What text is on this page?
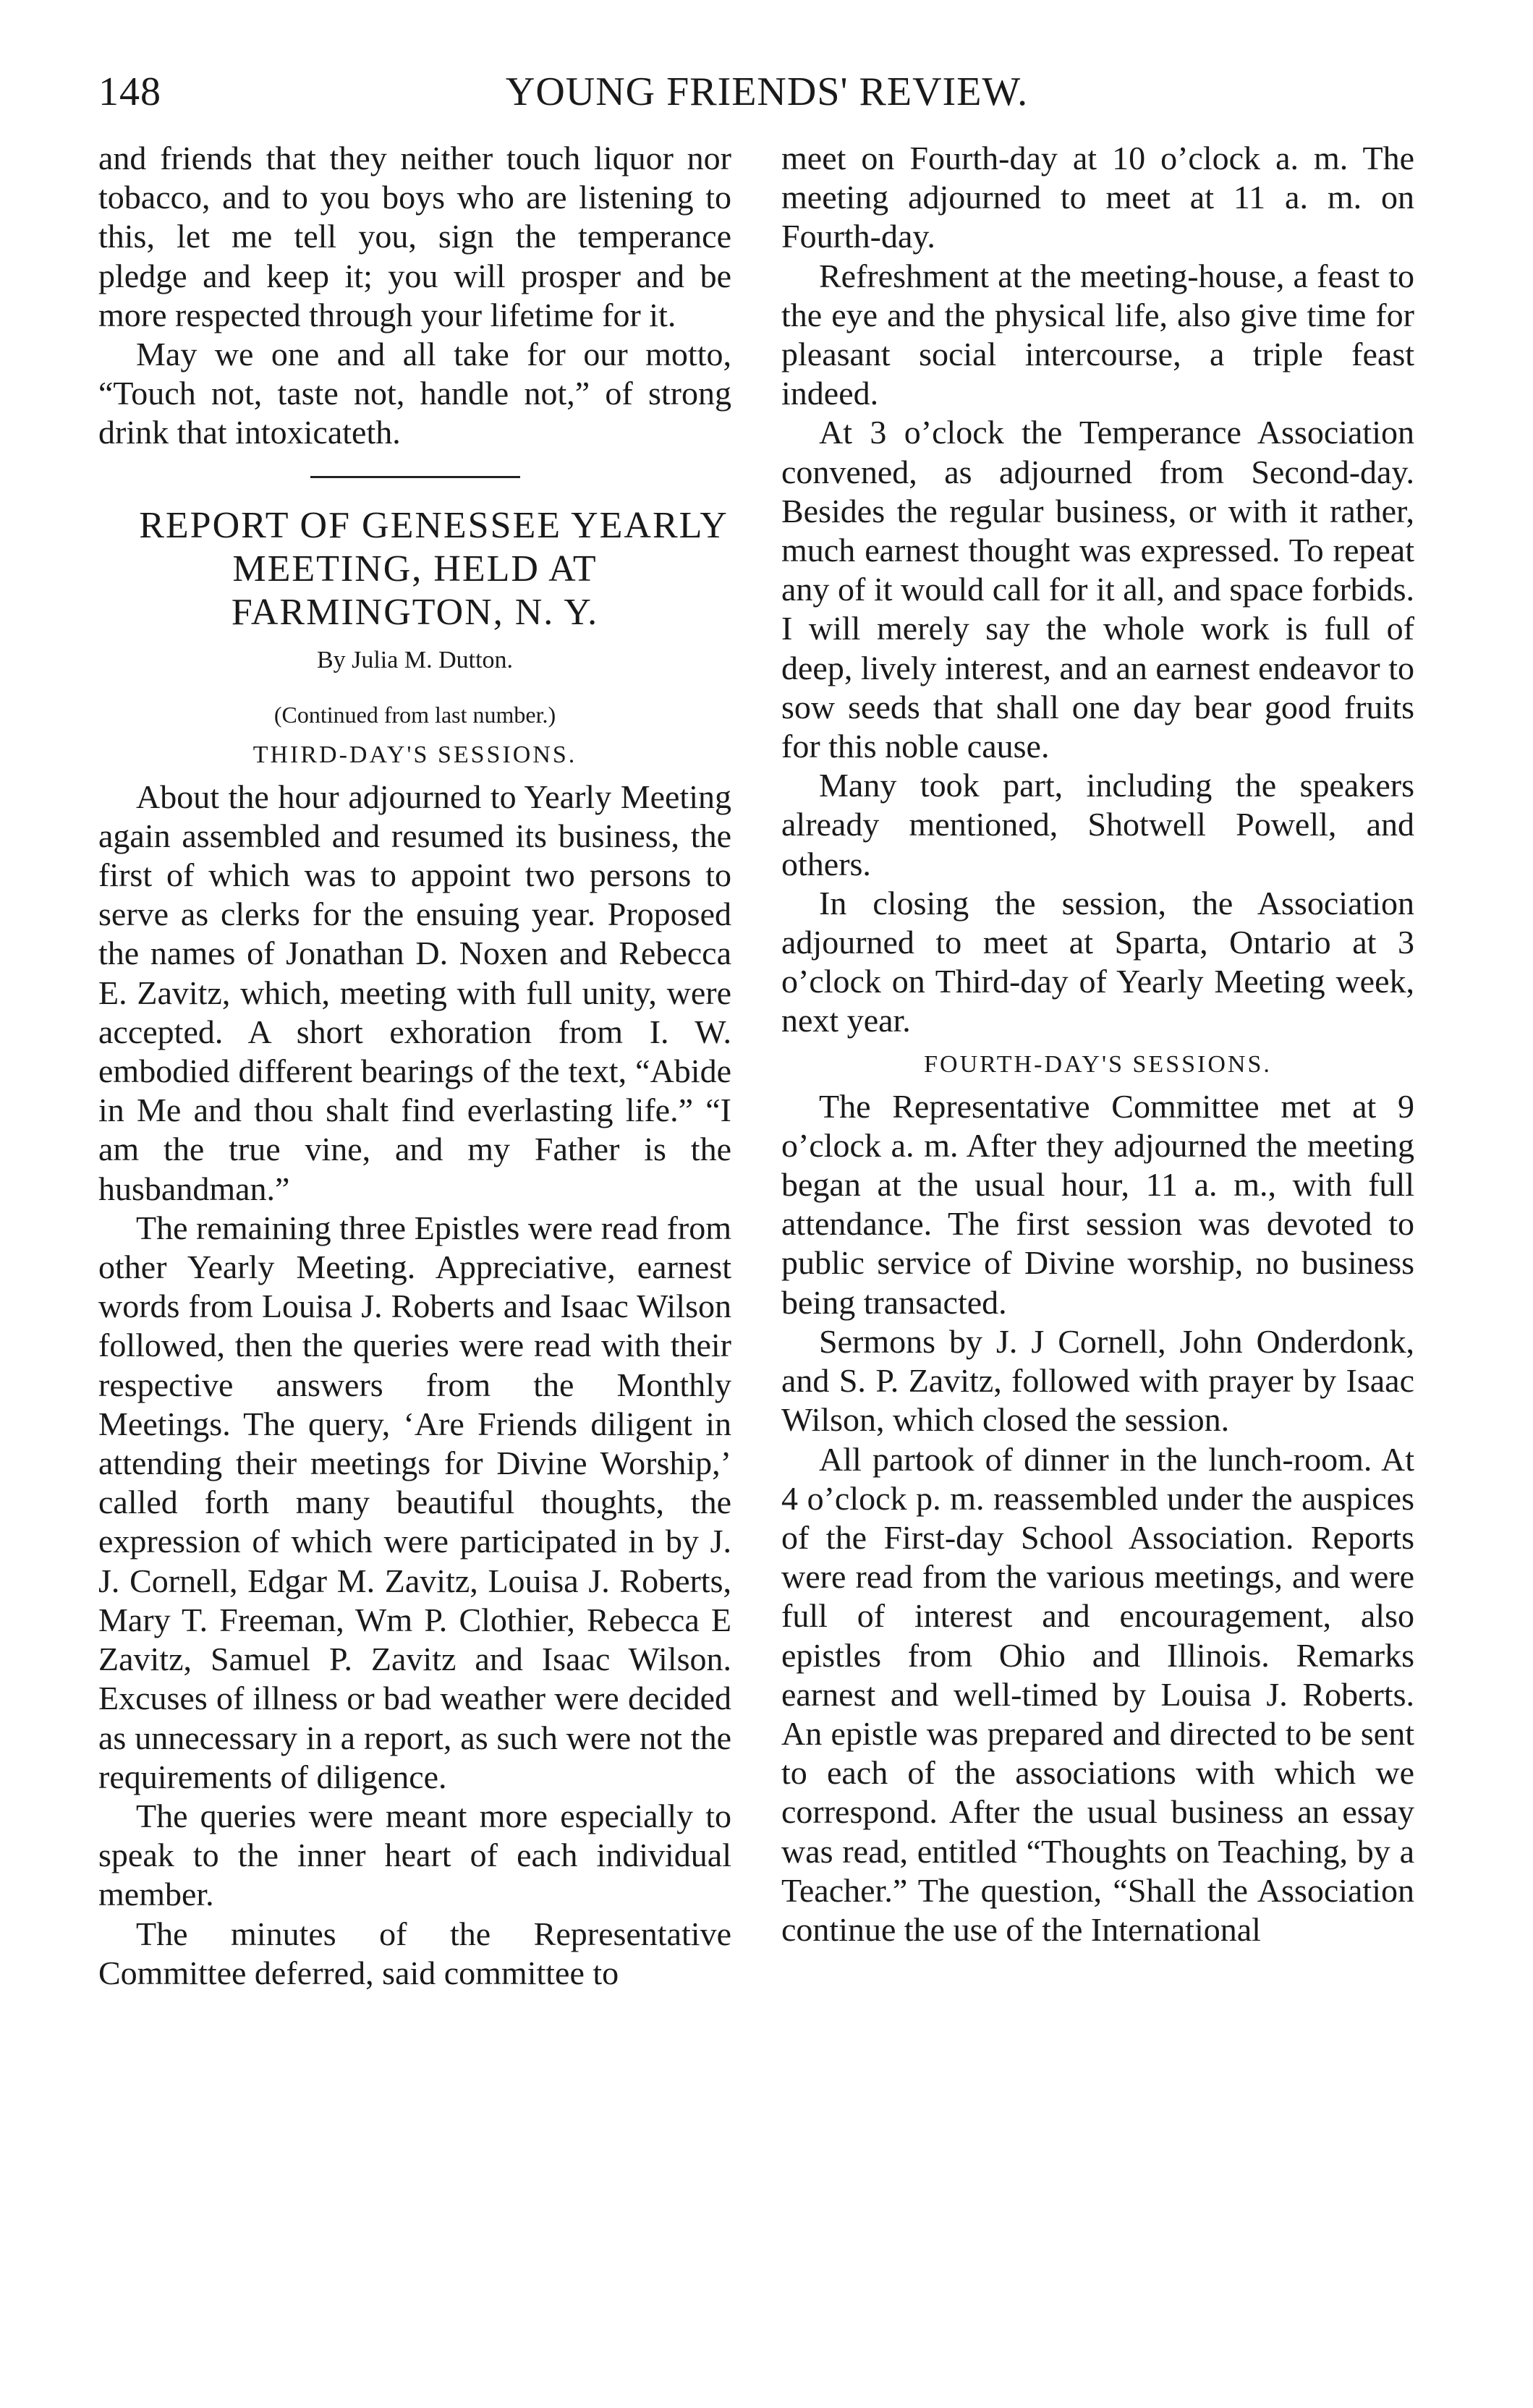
148	YOUNG FRIENDS' REVIEW.

and friends that they neither touch liquor nor tobacco, and to you boys who are listening to this, let me tell you, sign the temperance pledge and keep it; you will prosper and be more respected through your lifetime for it.

May we one and all take for our motto, “Touch not, taste not, handle not,” of strong drink that intoxicateth.

REPORT OF GENESSEE YEARLY MEETING, HELD AT FARMINGTON, N. Y.

By Julia M. Dutton.
(Continued from last number.)
THIRD-DAY'S SESSIONS.

About the hour adjourned to Yearly Meeting again assembled and resumed its business, the first of which was to appoint two persons to serve as clerks for the ensuing year. Proposed the names of Jonathan D. Noxen and Rebecca E. Zavitz, which, meeting with full unity, were accepted. A short exhoration from I. W. embodied different bearings of the text, “Abide in Me and thou shalt find everlasting life.” “I am the true vine, and my Father is the husbandman.”

The remaining three Epistles were read from other Yearly Meeting. Appreciative, earnest words from Louisa J. Roberts and Isaac Wilson followed, then the queries were read with their respective answers from the Monthly Meetings. The query, ‘Are Friends diligent in attending their meetings for Divine Worship,’ called forth many beautiful thoughts, the expression of which were participated in by J. J. Cornell, Edgar M. Zavitz, Louisa J. Roberts, Mary T. Freeman, Wm P. Clothier, Rebecca E Zavitz, Samuel P. Zavitz and Isaac Wilson. Excuses of illness or bad weather were decided as unnecessary in a report, as such were not the requirements of diligence.

The queries were meant more especially to speak to the inner heart of each individual member.

The minutes of the Representative Committee deferred, said committee to

meet on Fourth-day at 10 o’clock a. m. The meeting adjourned to meet at 11 a. m. on Fourth-day.

Refreshment at the meeting-house, a feast to the eye and the physical life, also give time for pleasant social intercourse, a triple feast indeed.

At 3 o’clock the Temperance Association convened, as adjourned from Second-day. Besides the regular business, or with it rather, much earnest thought was expressed. To repeat any of it would call for it all, and space forbids. I will merely say the whole work is full of deep, lively interest, and an earnest endeavor to sow seeds that shall one day bear good fruits for this noble cause.

Many took part, including the speakers already mentioned, Shotwell Powell, and others.

In closing the session, the Association adjourned to meet at Sparta, Ontario at 3 o’clock on Third-day of Yearly Meeting week, next year.

FOURTH-DAY'S SESSIONS.

The Representative Committee met at 9 o’clock a. m. After they adjourned the meeting began at the usual hour, 11 a. m., with full attendance. The first session was devoted to public service of Divine worship, no business being transacted.

Sermons by J. J Cornell, John Onderdonk, and S. P. Zavitz, followed with prayer by Isaac Wilson, which closed the session.

All partook of dinner in the lunch-room. At 4 o’clock p. m. reassembled under the auspices of the First-day School Association. Reports were read from the various meetings, and were full of interest and encouragement, also epistles from Ohio and Illinois. Remarks earnest and well-timed by Louisa J. Roberts. An epistle was prepared and directed to be sent to each of the associations with which we correspond. After the usual business an essay was read, entitled “Thoughts on Teaching, by a Teacher.” The question, “Shall the Association continue the use of the International
